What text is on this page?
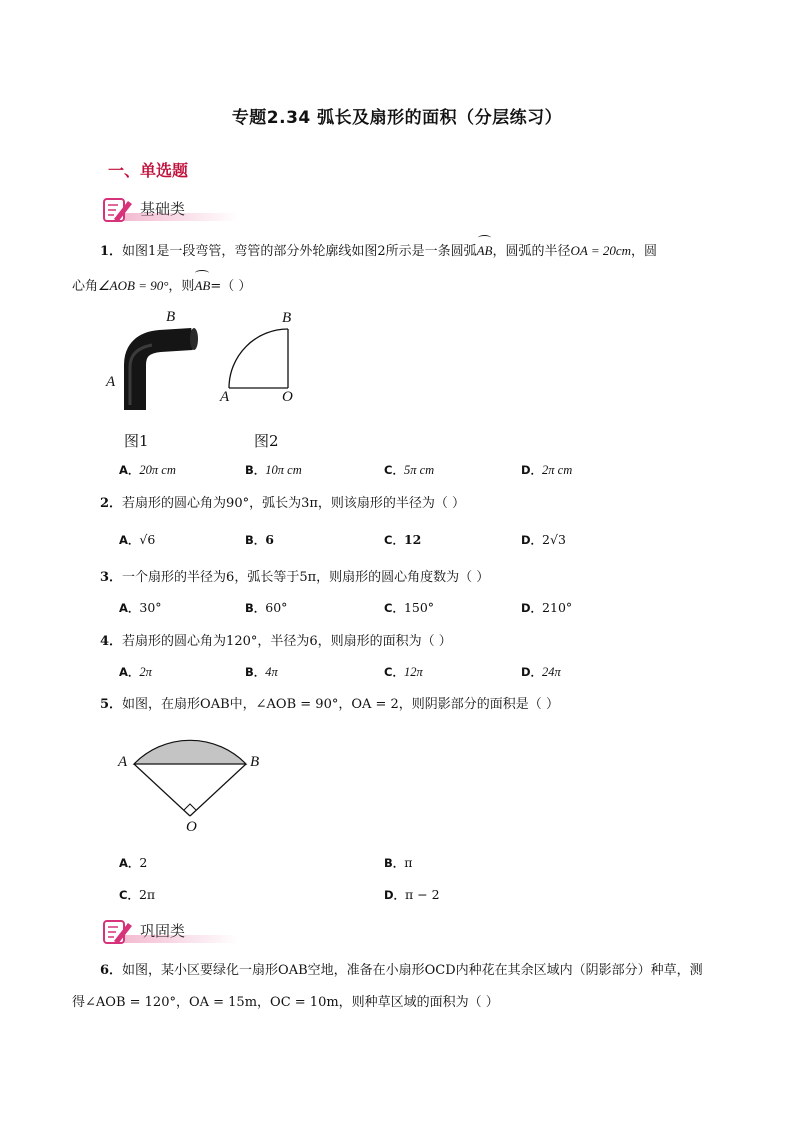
专题2.34 弧长及扇形的面积（分层练习）
一、单选题
基础类
1．如图1是一段弯管，弯管的部分外轮廓线如图2所示是一条圆弧AB，圆弧的半径OA = 20cm，圆
心角∠AOB = 90°，则AB=（ ）
B
A
B
A	O
图1	图2
A．20π cm	B．10π cm	C．5π cm	D．2π cm
2．若扇形的圆心角为90°，弧长为3π，则该扇形的半径为（ ）
A．√6	B．6	C．12	D．2√3
3．一个扇形的半径为6，弧长等于5π，则扇形的圆心角度数为（ ）
A．30°	B．60°	C．150°	D．210°
4．若扇形的圆心角为120°，半径为6，则扇形的面积为（ ）
A．2π	B．4π	C．12π	D．24π
5．如图，在扇形OAB中，∠AOB = 90°，OA = 2，则阴影部分的面积是（ ）
A	B
O
A．2	B．π
C．2π	D．π − 2
巩固类
6．如图，某小区要绿化一扇形OAB空地，准备在小扇形OCD内种花在其余区域内（阴影部分）种草，测
得∠AOB = 120°，OA = 15m，OC = 10m，则种草区域的面积为（ ）
